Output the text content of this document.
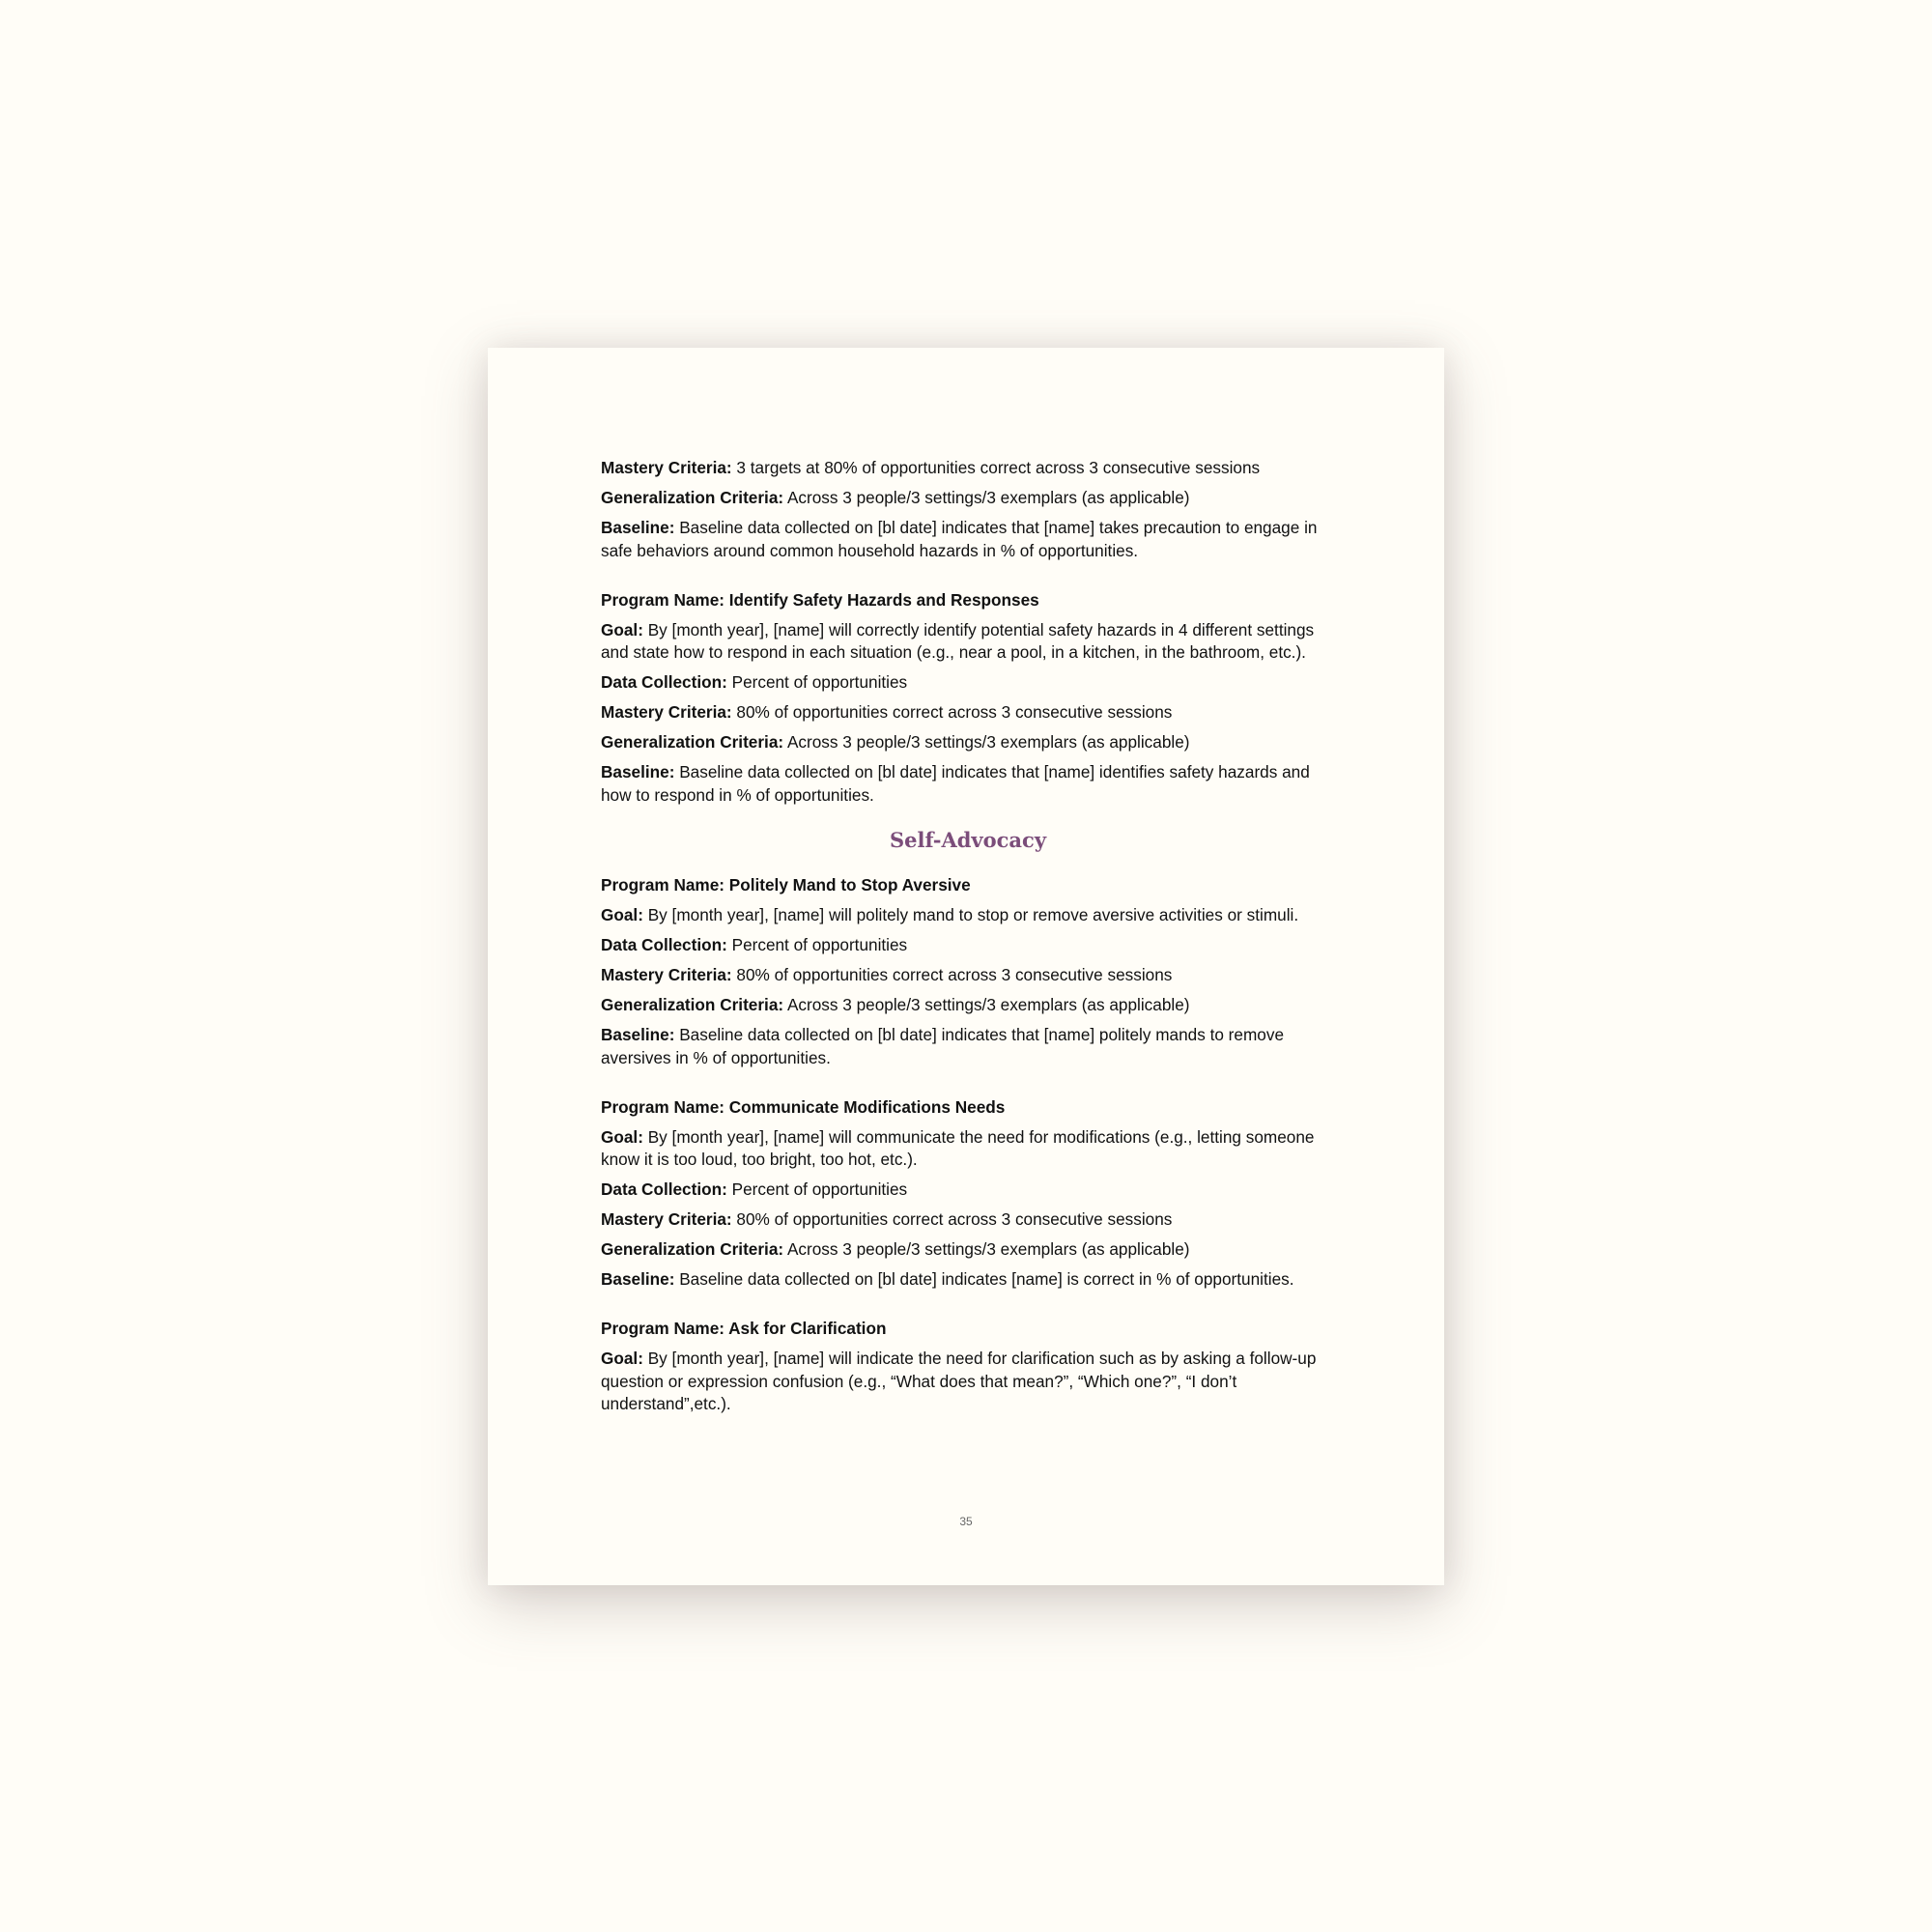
Mastery Criteria: 3 targets at 80% of opportunities correct across 3 consecutive sessions
Generalization Criteria: Across 3 people/3 settings/3 exemplars (as applicable)
Baseline: Baseline data collected on [bl date] indicates that [name] takes precaution to engage in safe behaviors around common household hazards in % of opportunities.
Program Name: Identify Safety Hazards and Responses
Goal: By [month year], [name] will correctly identify potential safety hazards in 4 different settings and state how to respond in each situation (e.g., near a pool, in a kitchen, in the bathroom, etc.).
Data Collection: Percent of opportunities
Mastery Criteria: 80% of opportunities correct across 3 consecutive sessions
Generalization Criteria: Across 3 people/3 settings/3 exemplars (as applicable)
Baseline: Baseline data collected on [bl date] indicates that [name] identifies safety hazards and how to respond in % of opportunities.
Self-Advocacy
Program Name: Politely Mand to Stop Aversive
Goal: By [month year], [name] will politely mand to stop or remove aversive activities or stimuli.
Data Collection: Percent of opportunities
Mastery Criteria: 80% of opportunities correct across 3 consecutive sessions
Generalization Criteria: Across 3 people/3 settings/3 exemplars (as applicable)
Baseline: Baseline data collected on [bl date] indicates that [name] politely mands to remove aversives in % of opportunities.
Program Name: Communicate Modifications Needs
Goal: By [month year], [name] will communicate the need for modifications (e.g., letting someone know it is too loud, too bright, too hot, etc.).
Data Collection: Percent of opportunities
Mastery Criteria: 80% of opportunities correct across 3 consecutive sessions
Generalization Criteria: Across 3 people/3 settings/3 exemplars (as applicable)
Baseline: Baseline data collected on [bl date] indicates [name] is correct in % of opportunities.
Program Name: Ask for Clarification
Goal: By [month year], [name] will indicate the need for clarification such as by asking a follow-up question or expression confusion (e.g., “What does that mean?”, “Which one?”, “I don’t understand”,etc.).
35
